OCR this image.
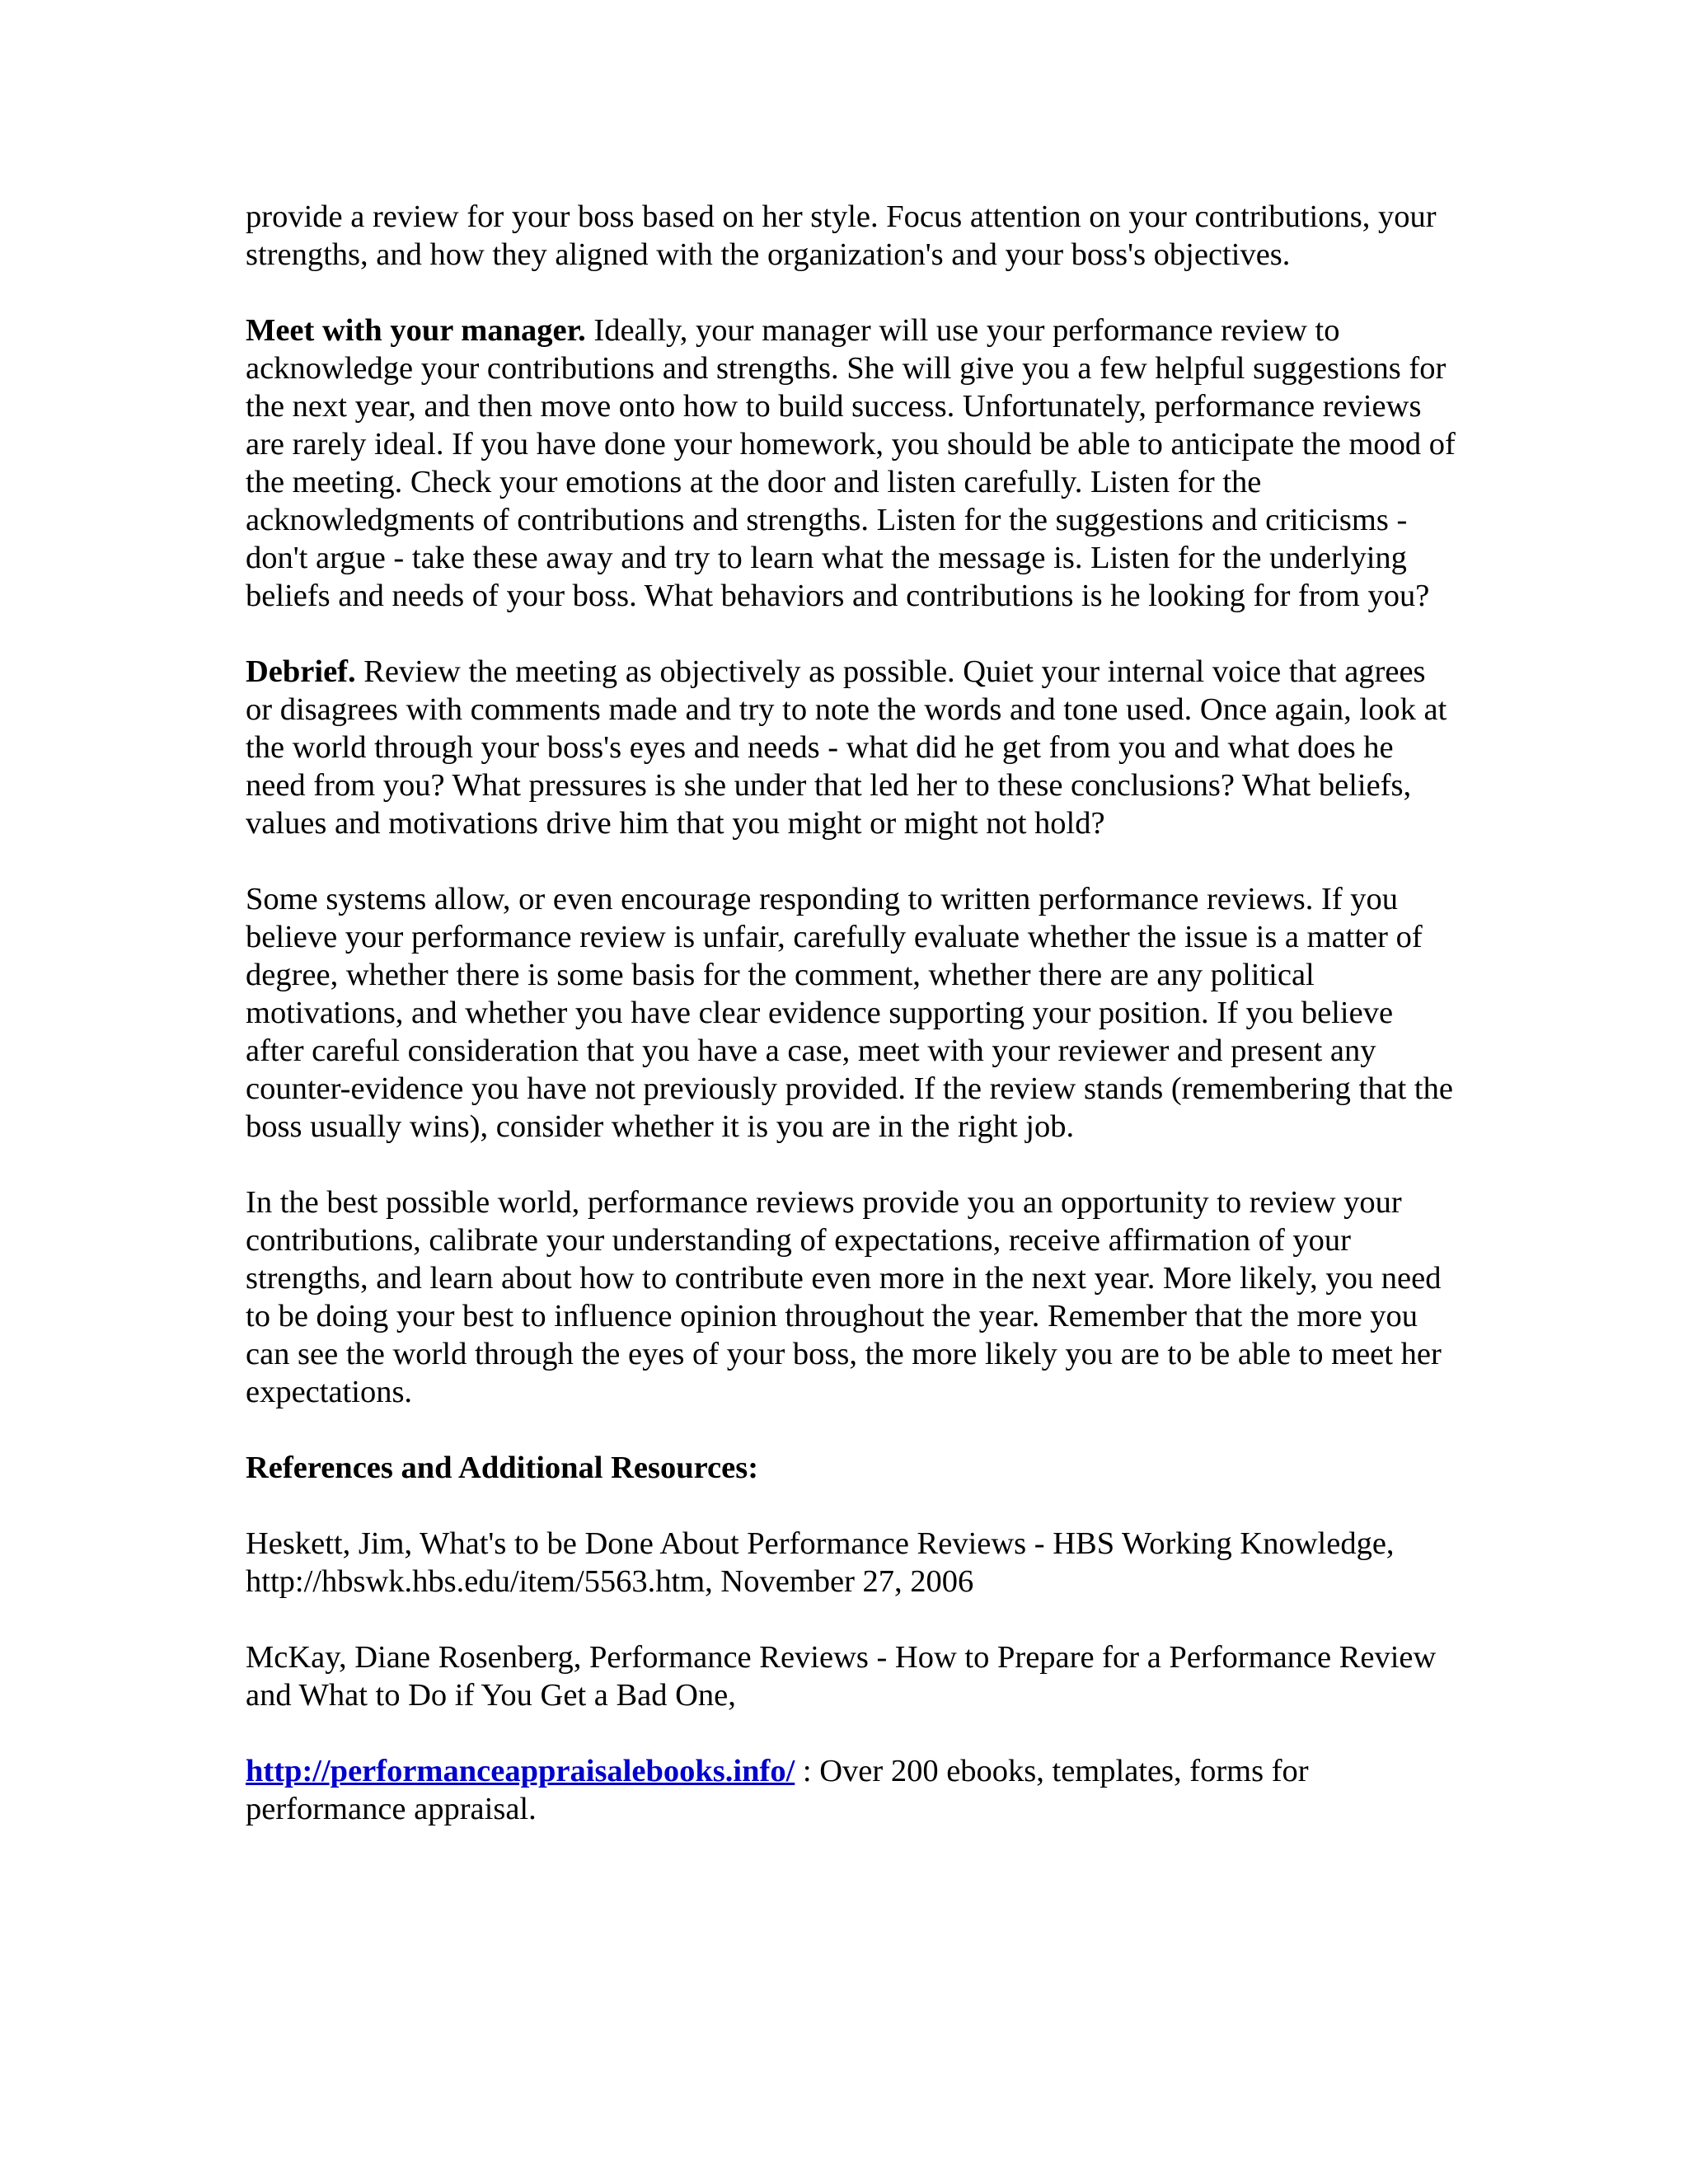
provide a review for your boss based on her style. Focus attention on your contributions, your strengths, and how they aligned with the organization's and your boss's objectives.

Meet with your manager. Ideally, your manager will use your performance review to acknowledge your contributions and strengths. She will give you a few helpful suggestions for the next year, and then move onto how to build success. Unfortunately, performance reviews are rarely ideal. If you have done your homework, you should be able to anticipate the mood of the meeting. Check your emotions at the door and listen carefully. Listen for the acknowledgments of contributions and strengths. Listen for the suggestions and criticisms - don't argue - take these away and try to learn what the message is. Listen for the underlying beliefs and needs of your boss. What behaviors and contributions is he looking for from you?

Debrief. Review the meeting as objectively as possible. Quiet your internal voice that agrees or disagrees with comments made and try to note the words and tone used. Once again, look at the world through your boss's eyes and needs - what did he get from you and what does he need from you? What pressures is she under that led her to these conclusions? What beliefs, values and motivations drive him that you might or might not hold?

Some systems allow, or even encourage responding to written performance reviews. If you believe your performance review is unfair, carefully evaluate whether the issue is a matter of degree, whether there is some basis for the comment, whether there are any political motivations, and whether you have clear evidence supporting your position. If you believe after careful consideration that you have a case, meet with your reviewer and present any counter-evidence you have not previously provided. If the review stands (remembering that the boss usually wins), consider whether it is you are in the right job.

In the best possible world, performance reviews provide you an opportunity to review your contributions, calibrate your understanding of expectations, receive affirmation of your strengths, and learn about how to contribute even more in the next year. More likely, you need to be doing your best to influence opinion throughout the year. Remember that the more you can see the world through the eyes of your boss, the more likely you are to be able to meet her expectations.

References and Additional Resources:

Heskett, Jim, What's to be Done About Performance Reviews - HBS Working Knowledge, http://hbswk.hbs.edu/item/5563.htm, November 27, 2006

McKay, Diane Rosenberg, Performance Reviews - How to Prepare for a Performance Review and What to Do if You Get a Bad One,

http://performanceappraisalebooks.info/ : Over 200 ebooks, templates, forms for performance appraisal.
